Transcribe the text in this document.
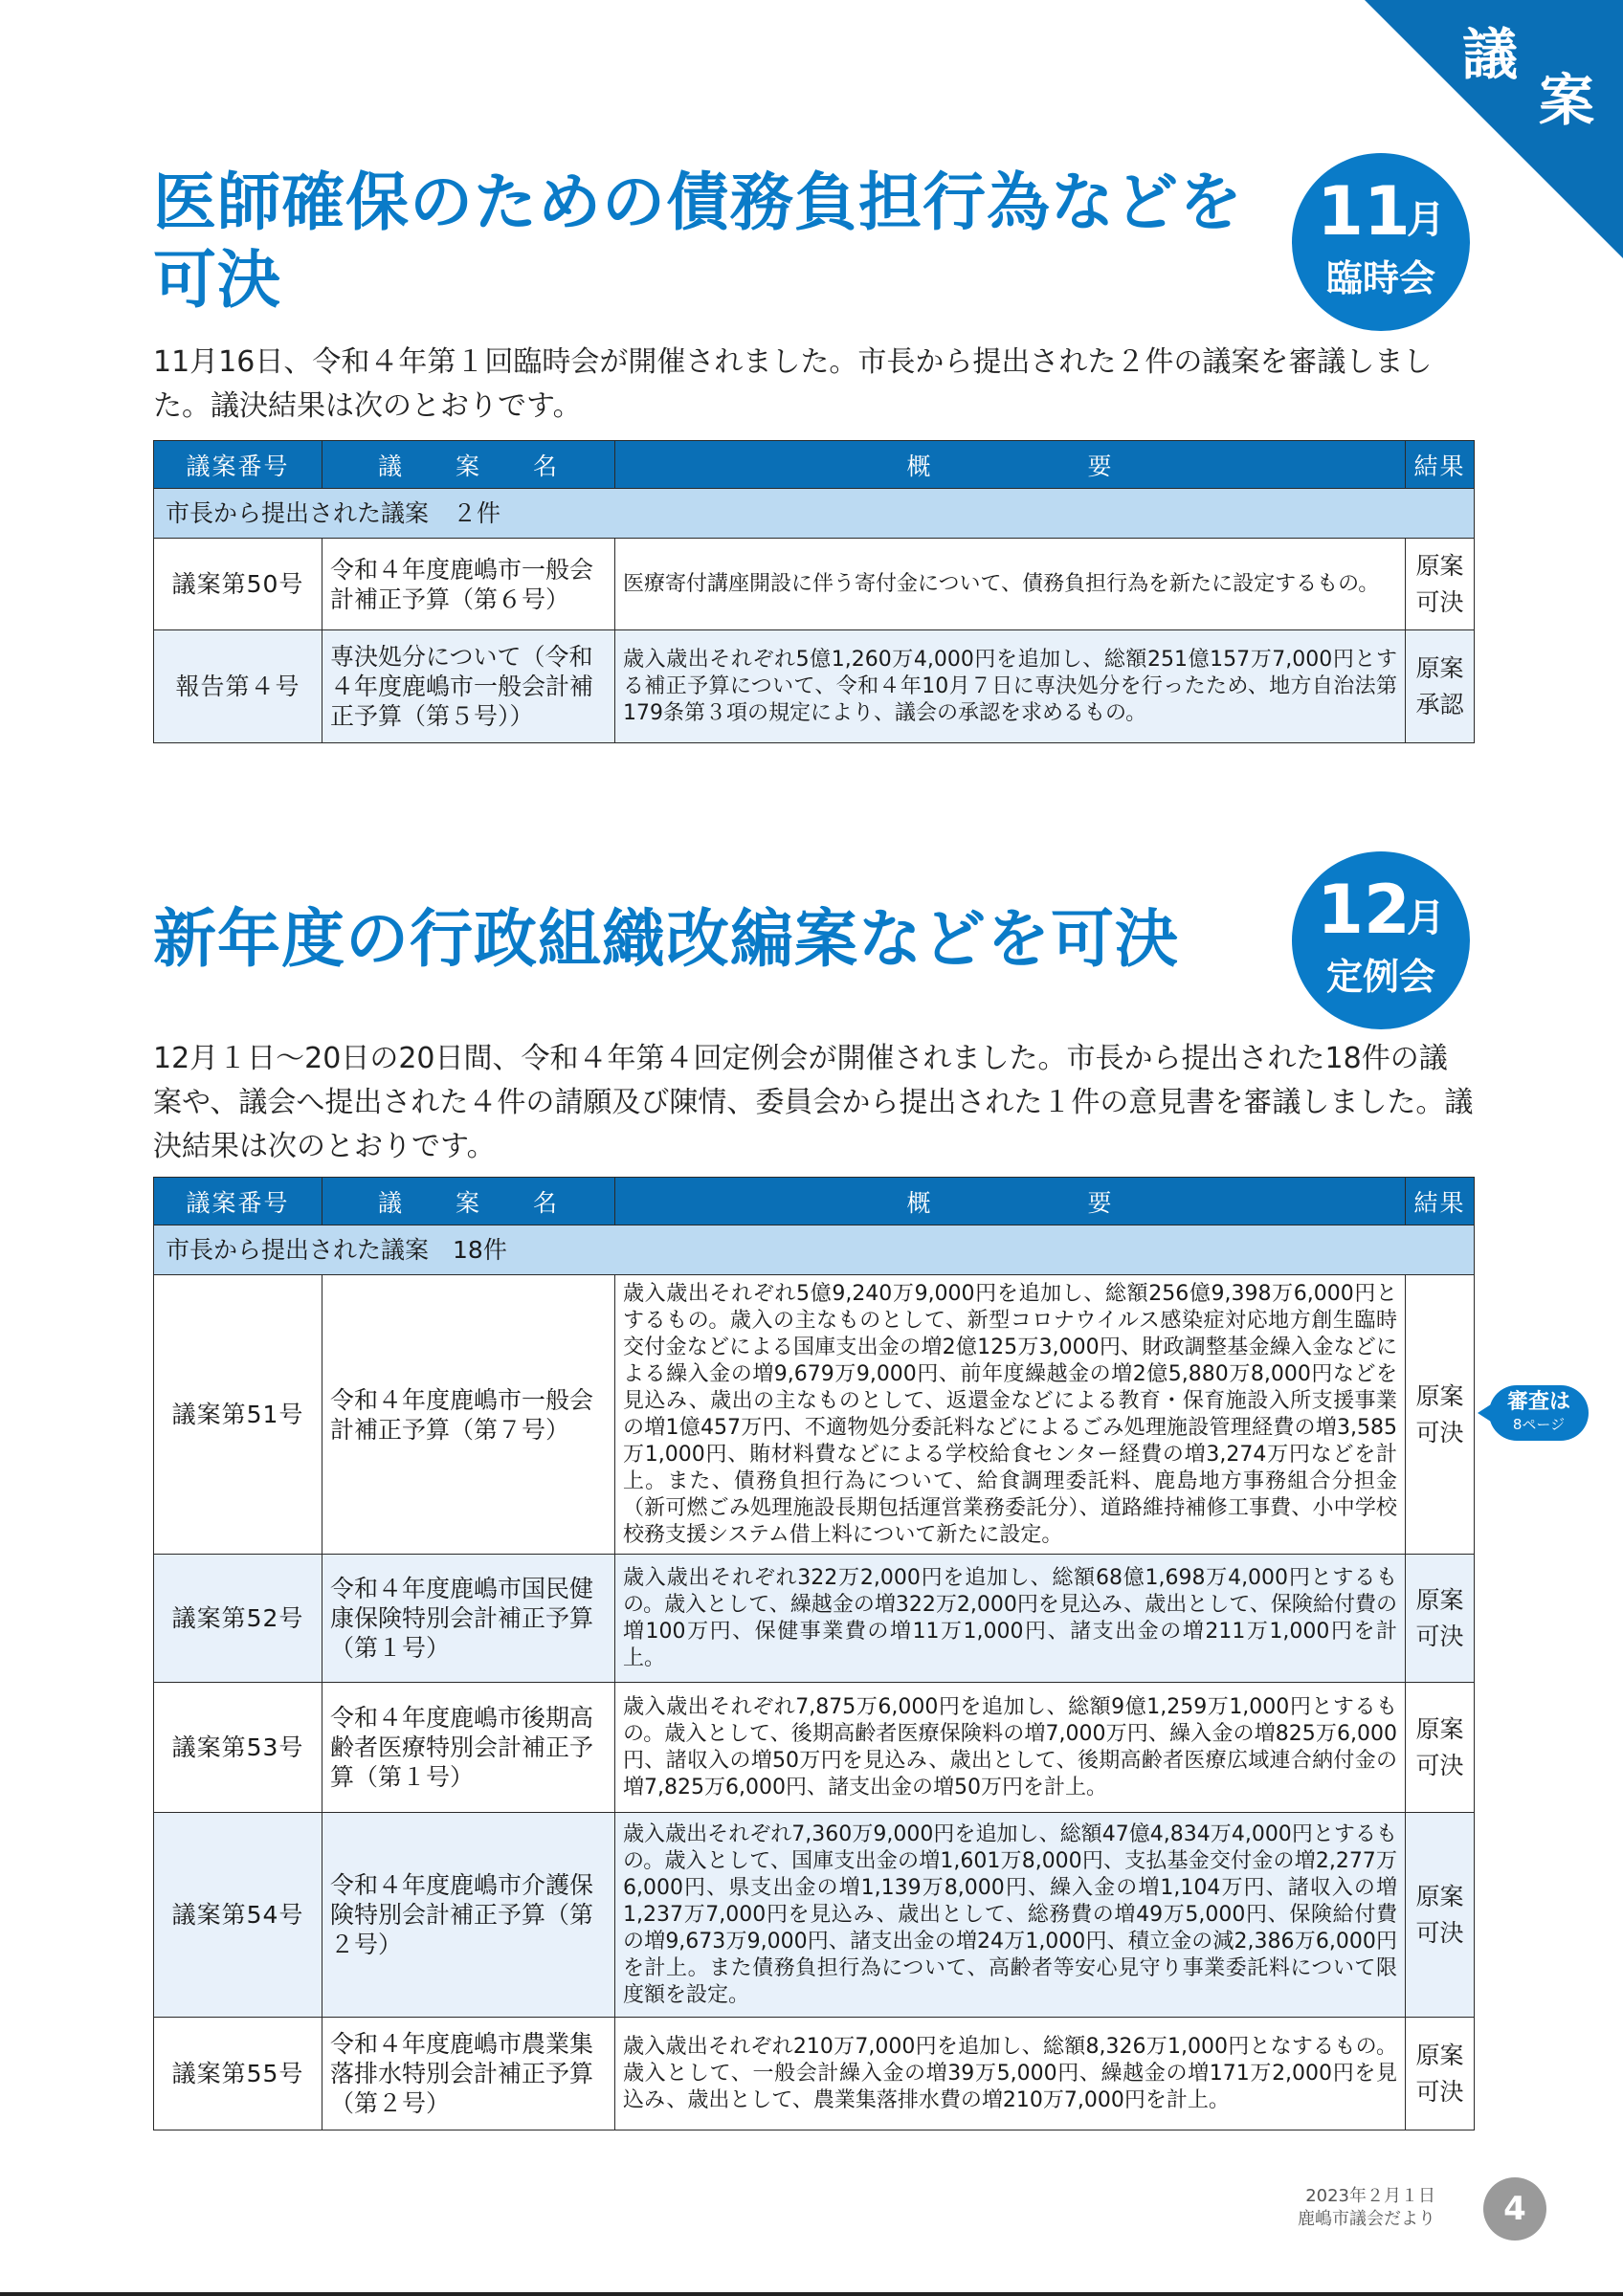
議
案
医師確保のための債務負担行為などを
可決
11
月
臨時会
11月16日、令和４年第１回臨時会が開催されました。市長から提出された２件の議案を審議しました。議決結果は次のとおりです。
議案番号	議　　案　　名	概　　　　　　要	結果
市長から提出された議案　２件			
議案第50号	令和４年度鹿嶋市一般会計補正予算（第６号）	医療寄付講座開設に伴う寄付金について、債務負担行為を新たに設定するもの。	原案
可決
報告第４号	専決処分について（令和４年度鹿嶋市一般会計補正予算（第５号））	歳入歳出それぞれ5億1,260万4,000円を追加し、総額251億157万7,000円とする補正予算について、令和４年10月７日に専決処分を行ったため、地方自治法第179条第３項の規定により、議会の承認を求めるもの。	原案
承認
新年度の行政組織改編案などを可決	12
月
定例会
12月１日～20日の20日間、令和４年第４回定例会が開催されました。市長から提出された18件の議案や、議会へ提出された４件の請願及び陳情、委員会から提出された１件の意見書を審議しました。議決結果は次のとおりです。
議案番号	議　　案　　名	概　　　　　　要	結果
市長から提出された議案　18件			
議案第51号	令和４年度鹿嶋市一般会計補正予算（第７号）	歳入歳出それぞれ5億9,240万9,000円を追加し、総額256億9,398万6,000円とするもの。歳入の主なものとして、新型コロナウイルス感染症対応地方創生臨時交付金などによる国庫支出金の増2億125万3,000円、財政調整基金繰入金などによる繰入金の増9,679万9,000円、前年度繰越金の増2億5,880万8,000円などを見込み、歳出の主なものとして、返還金などによる教育・保育施設入所支援事業の増1億457万円、不適物処分委託料などによるごみ処理施設管理経費の増3,585万1,000円、賄材料費などによる学校給食センター経費の増3,274万円などを計上。また、債務負担行為について、給食調理委託料、鹿島地方事務組合分担金（新可燃ごみ処理施設長期包括運営業務委託分）、道路維持補修工事費、小中学校校務支援システム借上料について新たに設定。	原案
可決
議案第52号	令和４年度鹿嶋市国民健康保険特別会計補正予算（第１号）	歳入歳出それぞれ322万2,000円を追加し、総額68億1,698万4,000円とするもの。歳入として、繰越金の増322万2,000円を見込み、歳出として、保険給付費の増100万円、保健事業費の増11万1,000円、諸支出金の増211万1,000円を計上。	原案
可決
議案第53号	令和４年度鹿嶋市後期高齢者医療特別会計補正予算（第１号）	歳入歳出それぞれ7,875万6,000円を追加し、総額9億1,259万1,000円とするもの。歳入として、後期高齢者医療保険料の増7,000万円、繰入金の増825万6,000円、諸収入の増50万円を見込み、歳出として、後期高齢者医療広域連合納付金の増7,825万6,000円、諸支出金の増50万円を計上。	原案
可決
議案第54号	令和４年度鹿嶋市介護保険特別会計補正予算（第２号）	歳入歳出それぞれ7,360万9,000円を追加し、総額47億4,834万4,000円とするもの。歳入として、国庫支出金の増1,601万8,000円、支払基金交付金の増2,277万6,000円、県支出金の増1,139万8,000円、繰入金の増1,104万円、諸収入の増1,237万7,000円を見込み、歳出として、総務費の増49万5,000円、保険給付費の増9,673万9,000円、諸支出金の増24万1,000円、積立金の減2,386万6,000円を計上。また債務負担行為について、高齢者等安心見守り事業委託料について限度額を設定。	原案
可決
議案第55号	令和４年度鹿嶋市農業集落排水特別会計補正予算（第２号）	歳入歳出それぞれ210万7,000円を追加し、総額8,326万1,000円となするもの。歳入として、一般会計繰入金の増39万5,000円、繰越金の増171万2,000円を見込み、歳出として、農業集落排水費の増210万7,000円を計上。	原案
可決
審査は
8ページ
2023年２月１日
鹿嶋市議会だより	4
